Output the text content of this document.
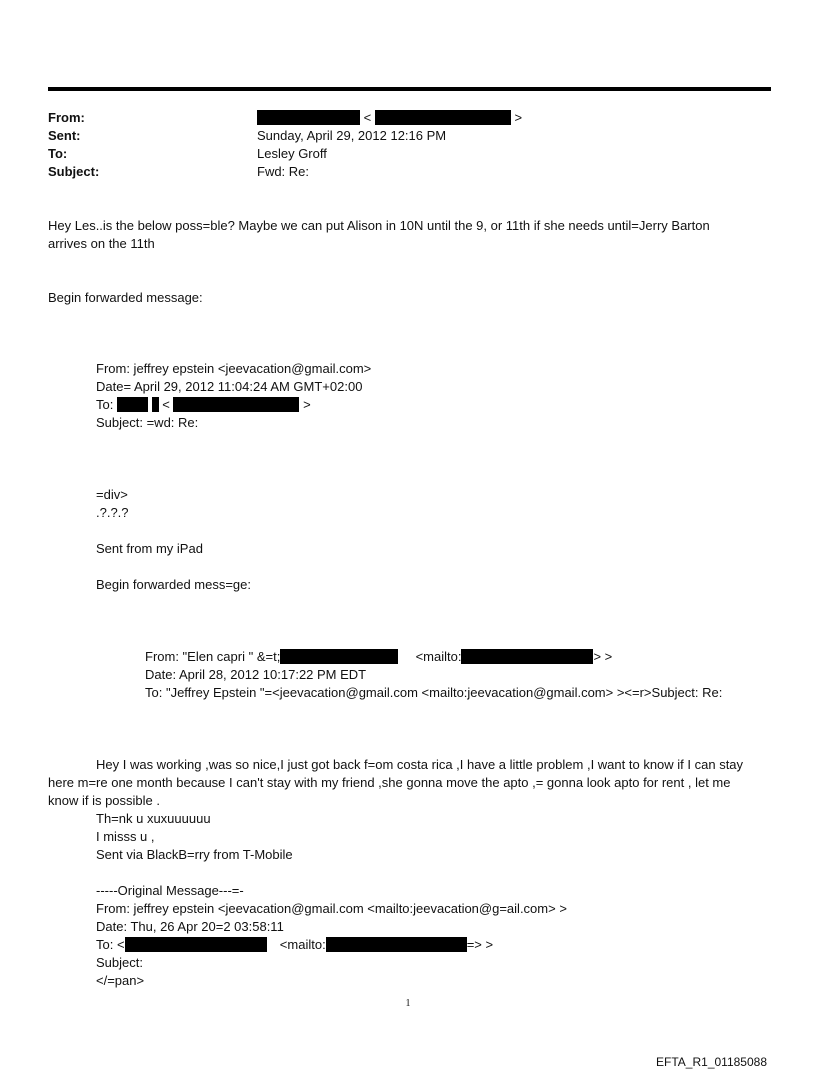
From:	<	>
Sent:	Sunday, April 29, 2012 12:16 PM
To:	Lesley Groff
Subject:	Fwd: Re:
Hey Les..is the below poss=ble? Maybe we can put Alison in 10N until the 9, or 11th if she needs until=Jerry Barton
arrives on the 11th
Begin forwarded message:
From: jeffrey epstein <jeevacation@gmail.com>
Date= April 29, 2012 11:04:24 AM GMT+02:00
To:	<	>
Subject: =wd: Re:
=div>
.?.?.?
Sent from my iPad
Begin forwarded mess=ge:
From: "Elen capri " &=t;	<mailto:	> >
Date: April 28, 2012 10:17:22 PM EDT
To: "Jeffrey Epstein "=<jeevacation@gmail.com <mailto:jeevacation@gmail.com> ><=r>Subject: Re:
Hey I was working ,was so nice,I just got back f=om costa rica ,I have a little problem ,I want to know if I can stay
here m=re one month because I can't stay with my friend ,she gonna move the apto ,= gonna look apto for rent , let me
know if is possible .
Th=nk u xuxuuuuuu
I misss u ,
Sent via BlackB=rry from T-Mobile
-----Original Message---=-
From: jeffrey epstein <jeevacation@gmail.com <mailto:jeevacation@g=ail.com> >
Date: Thu, 26 Apr 20=2 03:58:11
To: <	<mailto:	=> >
Subject:
</=pan>
1
EFTA_R1_01185088
